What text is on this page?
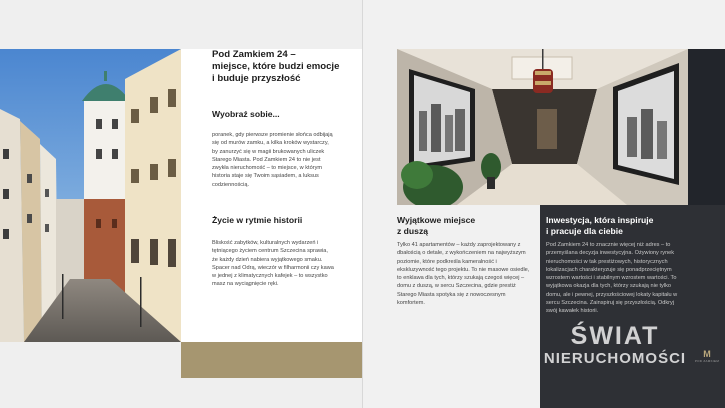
Pod Zamkiem 24 –
miejsce, które budzi emocje
i buduje przyszłość
Wyobraź sobie...

poranek, gdy pierwsze promienie słońca odbijają się od murów zamku, a kilka kroków wystarczy, by zanurzyć się w magii brukowanych uliczek Starego Miasta. Pod Zamkiem 24 to nie jest zwykła nieruchomość – to miejsce, w którym historia staje się Twoim sąsiadem, a luksus codziennością.

Życie w rytmie historii

Bliskość zabytków, kulturalnych wydarzeń i tętniącego życiem centrum Szczecina sprawia, że każdy dzień nabiera wyjątkowego smaku. Spacer nad Odrą, wieczór w filharmonii czy kawa w jednej z klimatycznych kafejek – to wszystko masz na wyciągnięcie ręki.

Wyjątkowe miejsce
z duszą

Tylko 41 apartamentów – każdy zaprojektowany z dbałością o detale, z wykończeniem na najwyższym poziomie, które podkreśla kameralność i ekskluzywność tego projektu. To nie masowe osiedle, to enklawa dla tych, którzy szukają czegoś więcej – domu z duszą, w sercu Szczecina, gdzie prestiż Starego Miasta spotyka się z nowoczesnym komfortem.

Inwestycja, która inspiruje
i pracuje dla ciebie

Pod Zamkiem 24 to znacznie więcej niż adres – to przemyślana decyzja inwestycyjna. Ożywiony rynek nieruchomości w tak prestiżowych, historycznych lokalizacjach charakteryzuje się ponadprzeciętnym wzrostem wartości i stabilnym wzrostem wartości. To wyjątkowa okazja dla tych, którzy szukają nie tylko domu, ale i pewnej, przyszłościowej lokaty kapitału w sercu Szczecina. Zainspiruj się przyszłością. Odkryj swój kawałek historii.

ŚWIAT
NIERUCHOMOŚCI	M
POD ZAMKIEM
